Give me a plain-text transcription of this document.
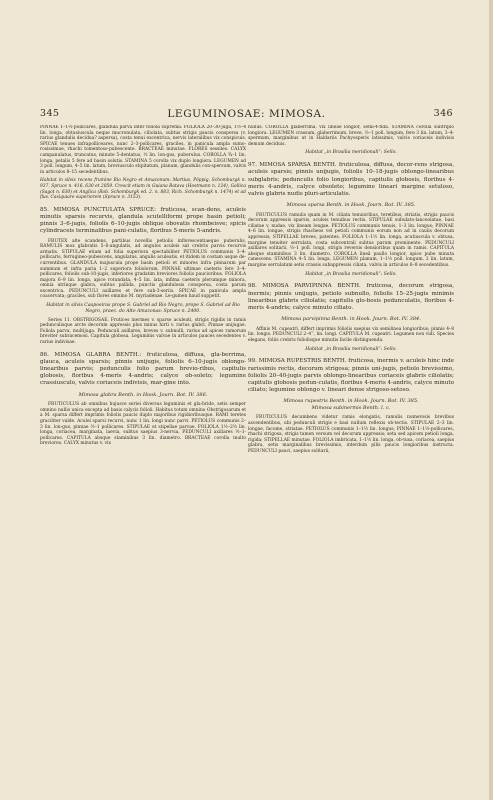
345	LEGUMINOSAE: MIMOSA.	346

PINNAE 1–1½-pollicares, glandula parva inter foliola suprema. FOLIOLA 20–30-juga, 1½–4 lin. longa, obtusiuscula neque mucronulata, ciliolata, subtus strigis paucis conspersa (v. rarius glandulis decidua? aspersa), costa tenui excentrica, nervis lateralibus vix conspicuis. SPICAE tenues infrapolliceares, nunc 2–3-pollicares, graciles, in panicula ampla sumo-rosissimae, rhachi tomentoso-pubescente. BRACTEAE minutae. FLORES sessiles. CALYX campanulatus, truncatus, minute 5-dentatus, ½ lin. lon-gus, puberulus. COROLLA ¾–1 lin. longa, petalis 5 fere ad basin solutis. STAMINA 5 corolla vix duplo longiora. LEGUMEN ad 3 poll. longum, 4–5 lin. latum, breviusculo stipitatum, planum, glandulis con-spersum, valvis in articulos 8–15 secedentibus.

Habitat in silvis recens frumine Rio Negro et Amazonum: Martius, Pöppig, Schomburgk n. 937, Spruce n. 416, 630 et 2059. Crescit etiam in Guiana Batava (Hostmann n. 124), Gallica (Sagot n. 630) et Anglica (Rob. Schomburgk ed. 2. n. 883, Rich. Schomburgk n. 1474) et ad fluv. Casiquiare superiorem (Spruce n. 3153).

85. MIMOSA PUNCTULATA SPRUCE: fruticosa, scan-dens, aculeis minutis sparsis recurvis, glandula scutelliformi prope basin petioli; pinnis 3–6-jugis, foliolis 6–10-jugis oblique obovatis rhombeisve; spicis cylindraceis terminalibus pani-culatis, floribus 5-meris 5-andris.

FRUTEX alte scandens, partibus novellis petiolis inflorescentiaeque puberulis, RAMULIS mox glabratis 5–6-angulatis, ad angulos aculeis sat crebris parvis recurvis armatis. STIPULAE etiam ad folia superiora spectabiliter PETIOLUS communis 3–4-pollicaris, ferrugineo-pubescens, angulatus, angulis aculeatis, et itidem in costam usque de-currentibus. GLANDULA majuscula prope basin petioli et minores infra pinnarum par summum et infra paria 1–2 superiora foliolorum. PINNAE ultimae caeteris fere 3–4-pollicares, foliolis sub-10-jugis, inferiores gradatim breviores foliolis paucioribus. FOLIOLA majora 6–9 lin. longa, apice rotundata, 4–5 lin. lata, infima caeteris plerumque minora, omnia utrinque glabra, subtus pallida, punctis glandulosis conspersa, costa parum excentrica. PEDUNCULI axillares et fere sub-3-seriis. SPICAE in panicula ampla coacervata; graciles, sub flores omnino M. myriadenae. Le-gumen haud suppetit.

Habitat in silvis Caapoeiras prope S. Gabriel ad Rio Negro, prope S. Gabriel ad Rio Negro, praec. do Alto Amazonas: Spruce n. 2400.

Series 11. OBSTRIGOSAE. Frutices inermes v. sparse aculeati, strigis rigidis in ramis pedunculisque arcte decorum appressis plus minus hirti v. rarius glabri. Pinnae unijugae. Foliola parva, multijuga. Pedunculi axillares, breves v. subnulli, rarius ad apices ramorum breviter subracemosi. Capitula globosa. Leguminis valvae in articulos pauces secedentes v. rarius indivisae.

86. MIMOSA GLABRA BENTH.: fruticulosa, diffusa, gla-berrima, glauca, aculeis sparsis; pinnis unijugis, foliolis 6–10-jugis oblongo-linearibus parvis; pedunculis folio parum brevio-ribus, capitulis globosis, floribus 4-meris 4-andris; calyce ob-soleto; leguminе crassiusculo, valvis coriaceis indivisis, mar-gine into.

Mimosa glabra Benth. in Hook. Journ. Bot. IV. 386.

FRUTICULUS ab omnibus hujusce seriei diversus leguminis et gla-bridе, setis semper omnino nullis unica excepta ad basis calycis folioli. Habitus totum omnino Obstrigosarum et a M. sparsa differt imprimis foliolis paucis duplo majoribus rigidioribusque. RAMI teretes graciliter valde. Aculei sparsi recurvi, nunc 1 lin. longi nunc parvi. PETIOLUS communis 2–3 lin. lon-gus, pinnae ½–1 pollicares. STIPULAE et stipellae parvae. FOLIOLA 1½–2½ lin. longa, coriacea, marginata, laevia, subtus saepius 3-nervia, PEDUNCULI axillares ½–1-pollicares. CAPITULA absque staminibus 3 lin. diametro. BRACTEAE corolla multo breviores. CALYX minutus v. vix

nullus. COROLLA glaberrima, vix lineae longior, semi-4-fida. STAMINA corolla subtriplo longiora. LEGUMEN crassum, glaberrimum, breve, ½–1 poll. longum, fere 3 lin. latum, 3–4-spermum, marginibus ut in Haldariis Pachyosperis latissimis, valvis coriaceis indivisis demum deciduis.

Habitat „in Brasilia meridionali“: Sello.

97. MIMOSA SPARSA BENTH. fruticulosa, diffusa, decor-rens strigosa, aculeis sparsis; pinnis unijugis, foliolis 10–18-jugis oblongo-linearibus subglabris; pedunculis folio longioribus, capitulis globosis, floribus 4-meris 4-andris, calyce obsoleto; leguminе lineari margine setuloso, valvis glabris nudis pluri-articulatis.

Mimosa sparsa Benth. in Hook. Journ. Bot. IV. 385.

FRUTICULUS ramulis quam in M. ciliata tenuioribus, teretibus, striatis, strigis paucis decorum appressis sparsis, aculeis tenuibus rectis. STIPULAE subulato-lanceolatae, basi ciliatae v. nudae, vix lineam longae. PETIOLUS communis tenuis, 1–3 lin. longus; PINNAE 4–6 lin. longae, strigis rhacheos vel petioli communis eorum non ad in caulis decorum appressis; STIPELLAE breves, patentes. FOLIOLA 1–1½ lin. longa, acutiuscula v. obtusa, margine tenuiter serrulata, costa subcentrali subtus parum prominente. PEDUNCULI axillares solitarii, ½–1 poll. longi, strigis reversis densioribus quam in ramis. CAPITULA absque staminibus 3 lin. diametro. COROLLA lineâ paullo longior, apice pube minuta canescens. STAMINA 4–5 lin. longa. LEGUMEN planum, 1–1½ poll. longum, 2 lin. latum, margine serrulatum setis crassis subappressis ciliata, valvis in articulos 6–8 secedentibus.

Habitat „in Brasilia meridionali“: Sello.

98. MIMOSA PARVIPINNA BENTH. fruticosa, decorum strigosa, inermis; pinnis unijugis, petiolo subnullo, foliolis 15–25-jugis minimis linearibus glabris ciliolatis; capitulis glo-bosis pedunculatis, floribus 4-meris 4-andris; calyce minuto ciliato.

Mimosa parvipinna Benth. in Hook. Journ. Bot. IV. 384.

Affinis M. cupeatri, differt imprimis foliolis saepius vix semilinea longioribus; pinnis 4–8 lin. longis. PEDUNCULI 2–4‴, lin. longi. CAPITULA M. cupeatri. Legumen non vidi. Species elegans, foliis crebris foliolisque minutis facile distinguenda.

Habitat „in Brasilia meridionali“: Sello.

99. MIMOSA RUPESTRIS BENTH. fruticosa, inermis v. aculeis hinc inde rarissimis rectis, decorum strigosa; pinnis uni-jugis, petiolo brevissimo, foliolis 20–40-jugis parvis oblongo-linearibus coriaceis glabris ciliolatis; capitulis globosis pedun-culatis, floribus 4-meris 4-andris, calyce minuto ciliato; leguminе oblongo v. lineari dense strigoso-setoso.

Mimosa rupestris Benth. in Hook. Journ. Bot. IV. 385.

Mimosa subinermis Benth. l. c.

FRUTICULUS decumbens videtur ramis elongatis, ramulis numerosis brevibus ascendentibus, ubi pedunculi strigis e basi nullum reflexis ob-tectis. STIPULAE 2–3 lin. longae, facome, striatae. PETIOLUS communis 1–1½ lin. longus; PINNAE 1–1½-pollicares, rhachi strigosa, strigis tamen versum vel decorum appressis; seta sed apicem petioli longa, rigida; STIPELLAE minutae. FOLIOLA imbricata, 1–1½ lin. longa, ob-tusa, coriacea, saepius glabra, setis marginalibus brevissimis, interdum pilis paucis longioribus instructa. PEDUNCULI pauci, saepius solitarii,
